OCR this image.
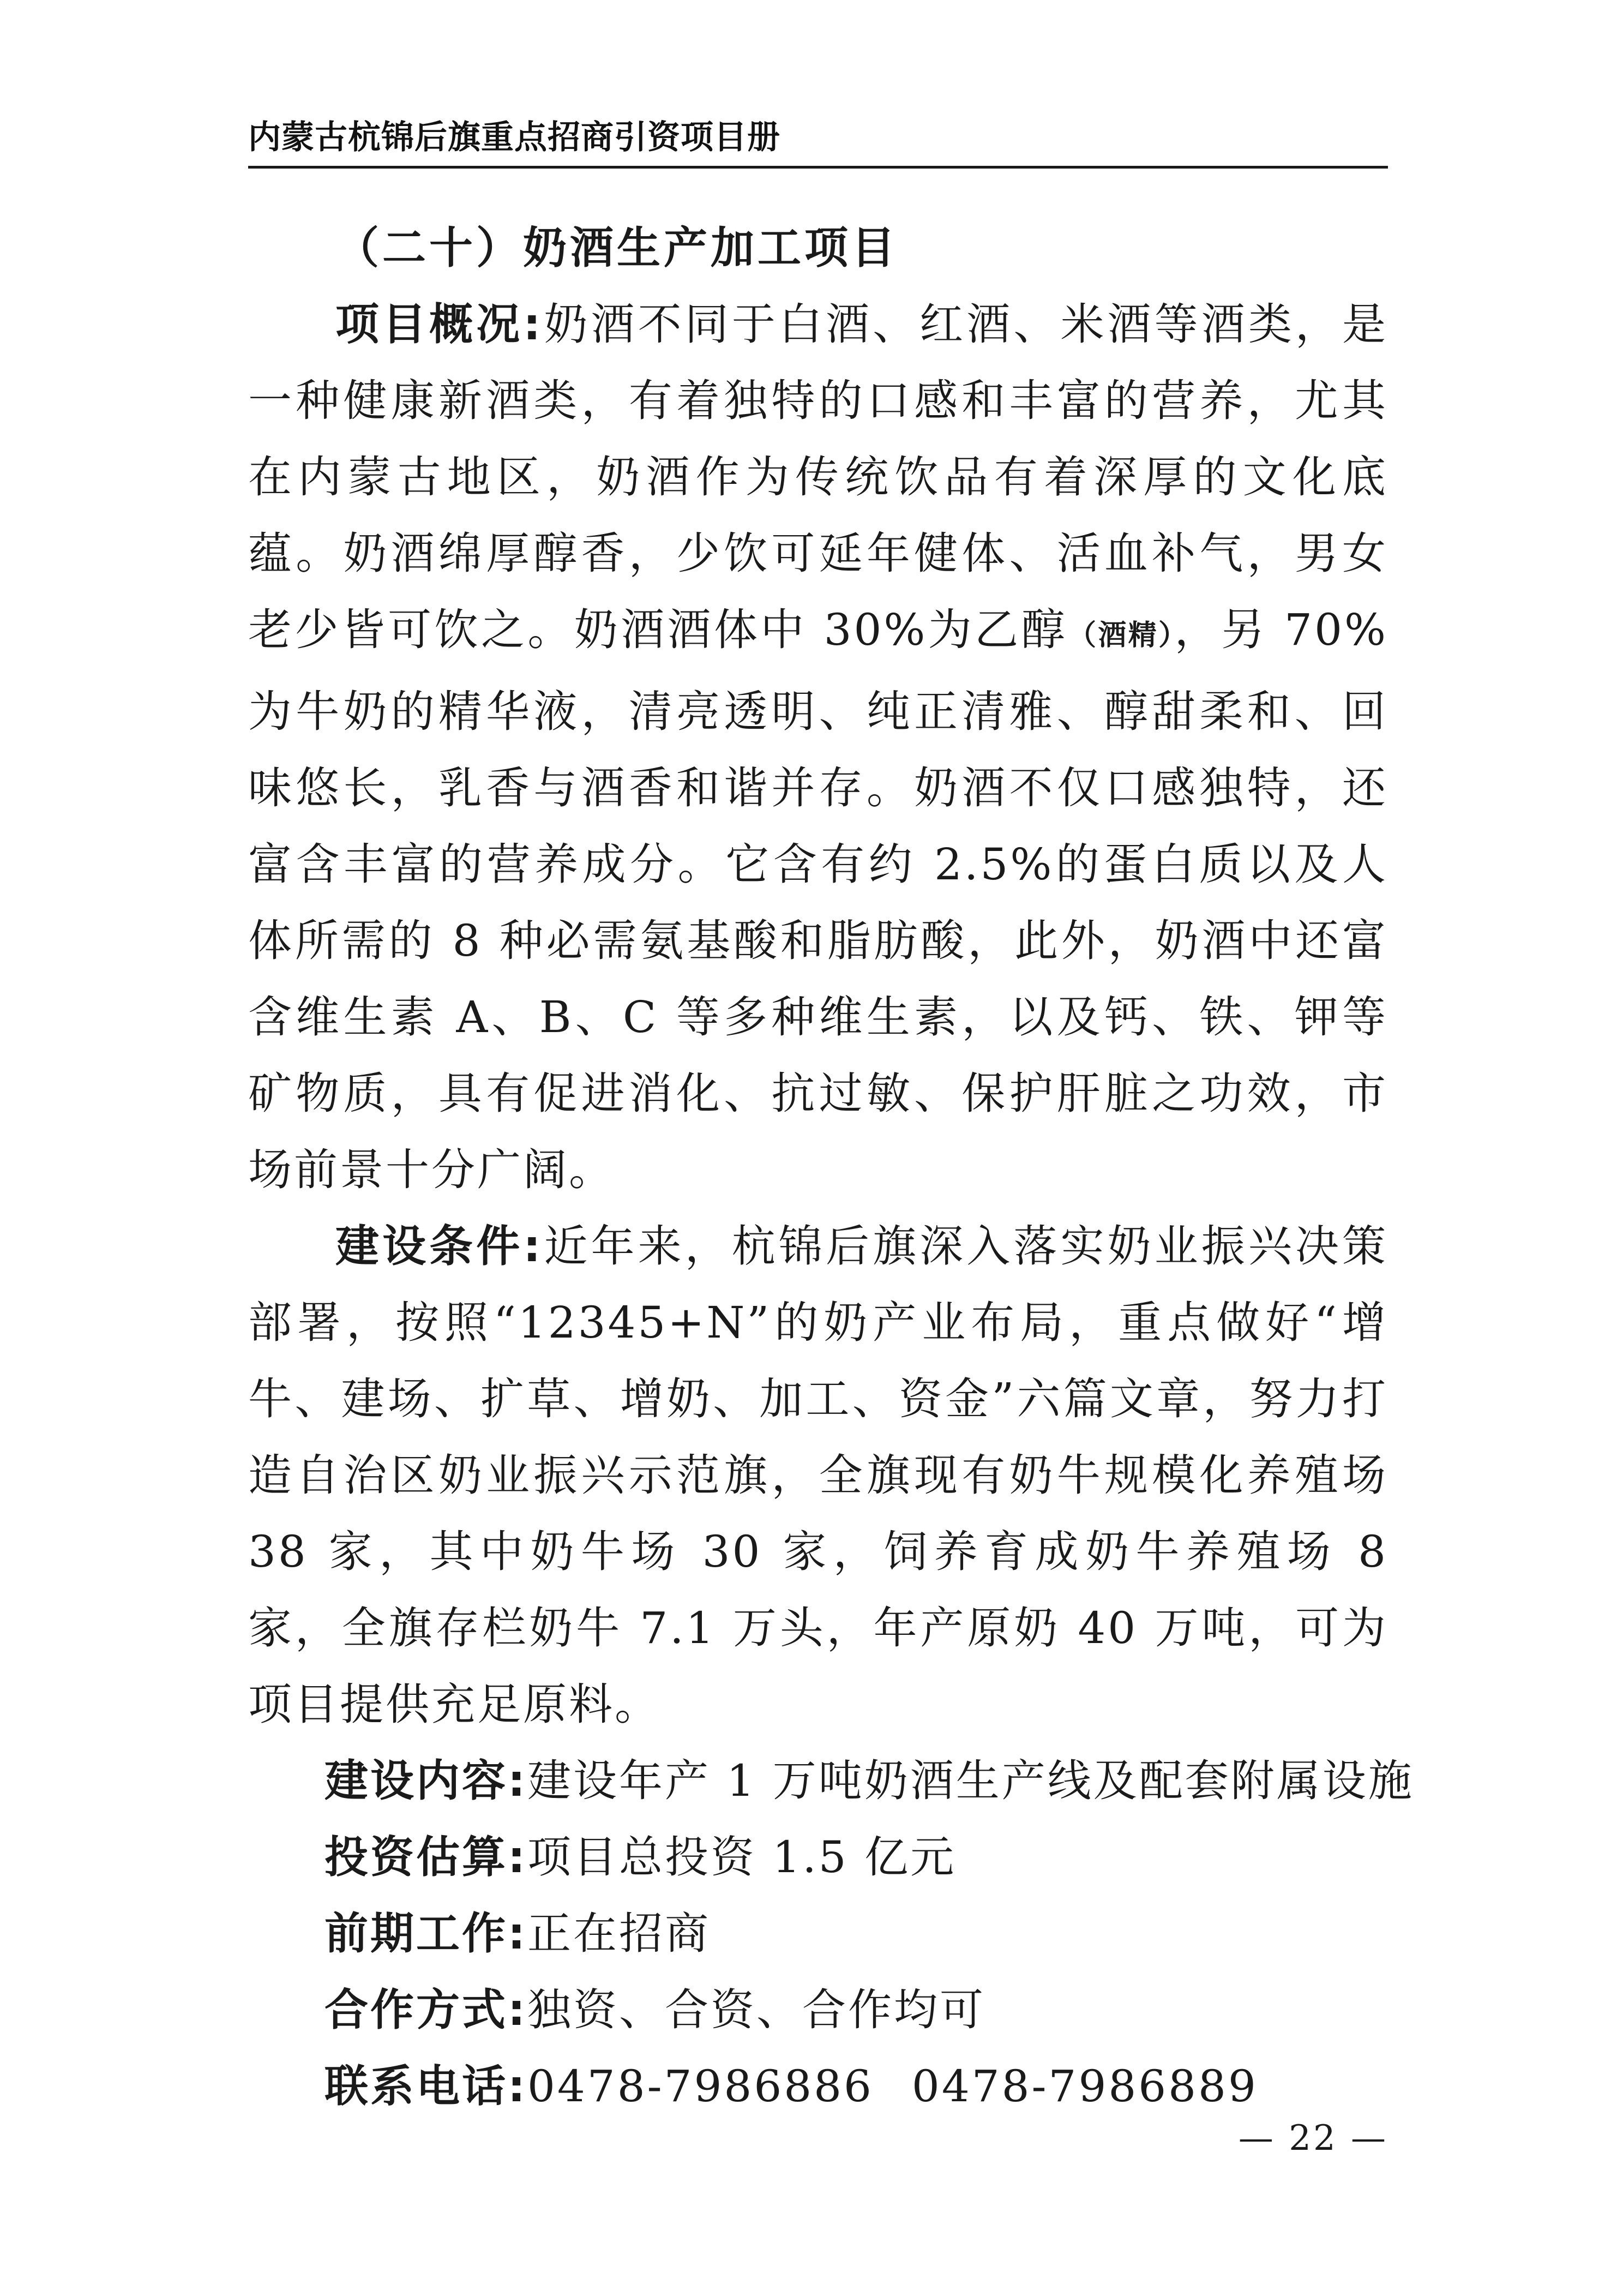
内蒙古杭锦后旗重点招商引资项目册

（二十）奶酒生产加工项目

项目概况:奶酒不同于白酒、红酒、米酒等酒类，是一种健康新酒类，有着独特的口感和丰富的营养，尤其在内蒙古地区，奶酒作为传统饮品有着深厚的文化底蕴。奶酒绵厚醇香，少饮可延年健体、活血补气，男女老少皆可饮之。奶酒酒体中 30%为乙醇（酒精），另 70%为牛奶的精华液，清亮透明、纯正清雅、醇甜柔和、回味悠长，乳香与酒香和谐并存。奶酒不仅口感独特，还富含丰富的营养成分。它含有约 2.5%的蛋白质以及人体所需的 8 种必需氨基酸和脂肪酸，此外，奶酒中还富含维生素 A、B、C 等多种维生素，以及钙、铁、钾等矿物质，具有促进消化、抗过敏、保护肝脏之功效，市场前景十分广阔。

建设条件:近年来，杭锦后旗深入落实奶业振兴决策部署，按照“12345+N”的奶产业布局，重点做好“增牛、建场、扩草、增奶、加工、资金”六篇文章，努力打造自治区奶业振兴示范旗，全旗现有奶牛规模化养殖场 38 家，其中奶牛场 30 家，饲养育成奶牛养殖场 8 家，全旗存栏奶牛 7.1 万头，年产原奶 40 万吨，可为项目提供充足原料。

建设内容:建设年产 1 万吨奶酒生产线及配套附属设施

投资估算:项目总投资 1.5 亿元

前期工作:正在招商

合作方式:独资、合资、合作均可

联系电话:0478-7986886 0478-7986889

— 22 —
